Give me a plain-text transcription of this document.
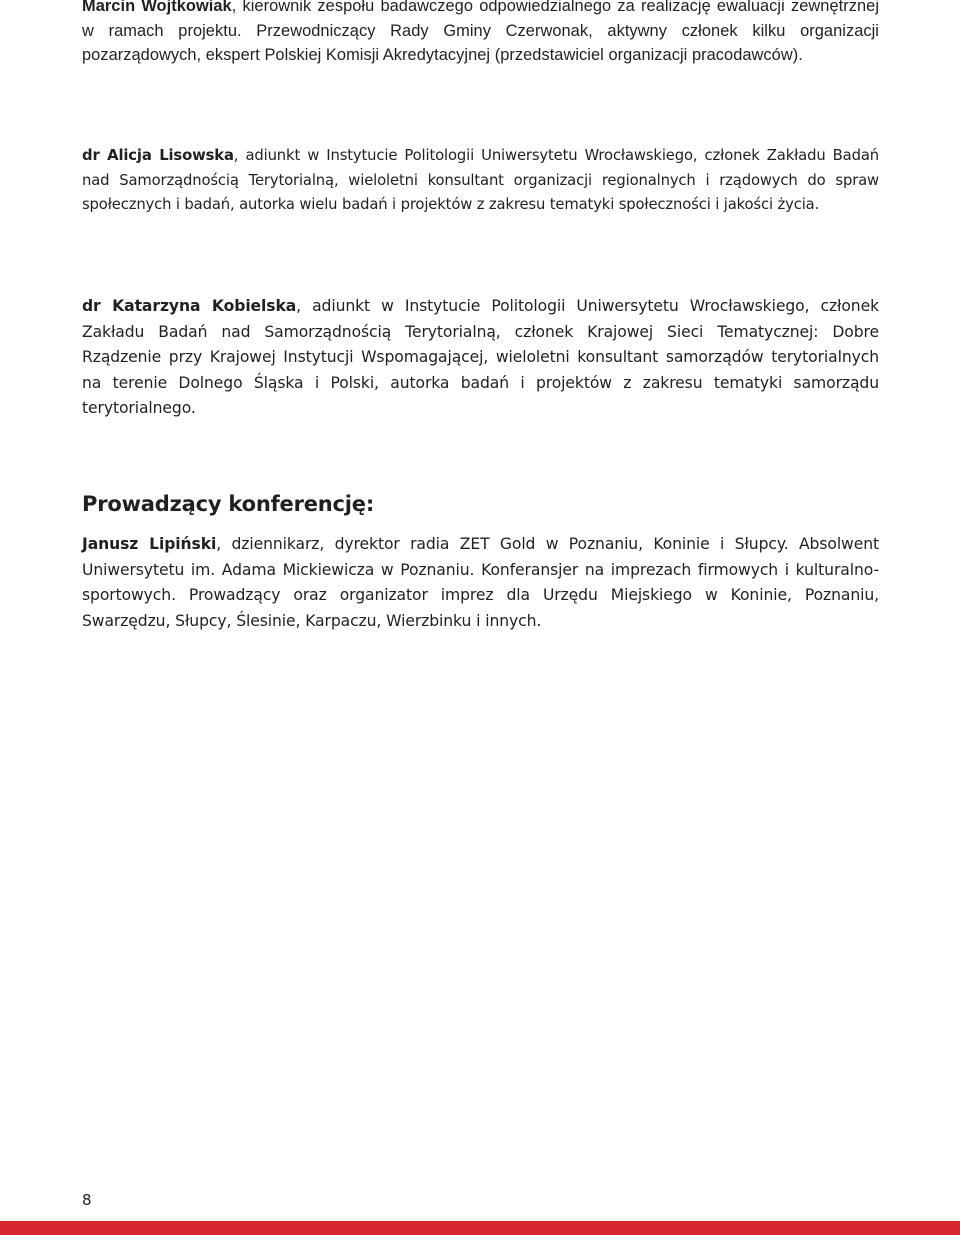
Marcin Wojtkowiak, kierownik zespołu badawczego odpowiedzialnego za realizację ewaluacji zewnętrznej w ramach projektu. Przewodniczący Rady Gminy Czerwonak, aktywny członek kilku organizacji pozarządowych, ekspert Polskiej Komisji Akredytacyjnej (przedstawiciel organizacji pracodawców).

dr Alicja Lisowska, adiunkt w Instytucie Politologii Uniwersytetu Wrocławskiego, członek Zakładu Badań nad Samorządnością Terytorialną, wieloletni konsultant organizacji regionalnych i rządowych do spraw społecznych i badań, autorka wielu badań i projektów z zakresu tematyki społeczności i jakości życia.

dr Katarzyna Kobielska, adiunkt w Instytucie Politologii Uniwersytetu Wrocławskiego, członek Zakładu Badań nad Samorządnością Terytorialną, członek Krajowej Sieci Tematycznej: Dobre Rządzenie przy Krajowej Instytucji Wspomagającej, wieloletni konsultant samorządów terytorialnych na terenie Dolnego Śląska i Polski, autorka badań i projektów z zakresu tematyki samorządu terytorialnego.

Prowadzący konferencję:

Janusz Lipiński, dziennikarz, dyrektor radia ZET Gold w Poznaniu, Koninie i Słupcy. Absolwent Uniwersytetu im. Adama Mickiewicza w Poznaniu. Konferansjer na imprezach firmowych i kulturalno-sportowych. Prowadzący oraz organizator imprez dla Urzędu Miejskiego w Koninie, Poznaniu, Swarzędzu, Słupcy, Ślesinie, Karpaczu, Wierzbinku i innych.

8
